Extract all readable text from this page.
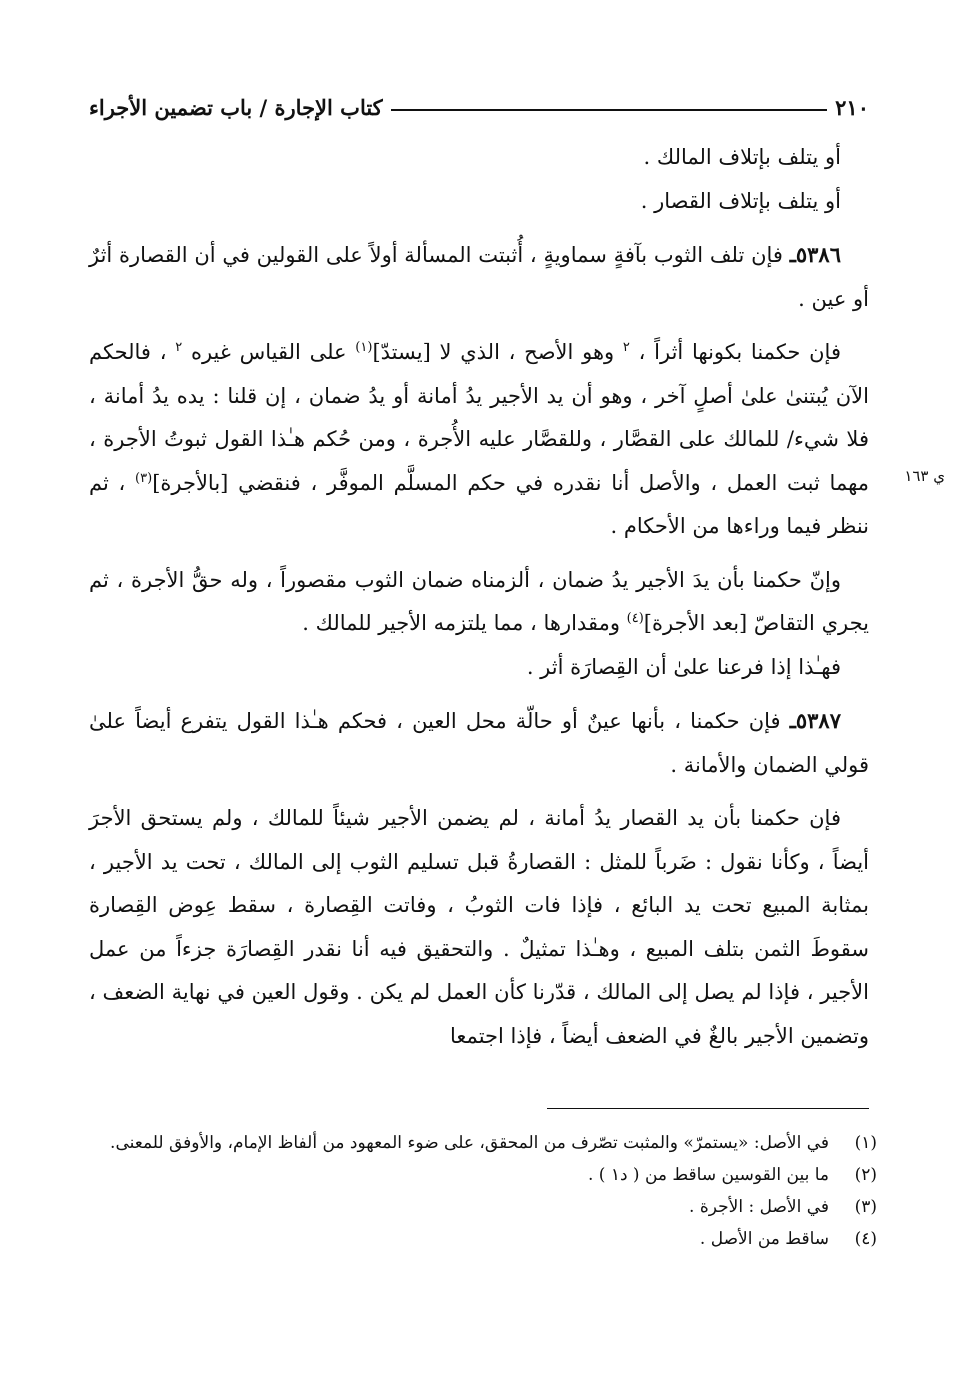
٢١٠
كتاب الإجارة / باب تضمين الأجراء
ي ١٦٣

أو يتلف بإتلاف المالك .

أو يتلف بإتلاف القصار .

٥٣٨٦ـ فإن تلف الثوب بآفةٍ سماويةٍ ، أُثبتت المسألة أولاً على القولين في أن القصارة أثرٌ أو عين .

فإن حكمنا بكونها أثراً ، $^٢$ وهو الأصح ، الذي لا [يستدّ]$^{(١)}$ على القياس غيره $^٢$ ، فالحكم الآن يُبتنىٰ علىٰ أصلٍ آخر ، وهو أن يد الأجير يدُ أمانة أو يدُ ضمان ، إن قلنا : يده يدُ أمانة ، فلا شيء/ للمالك على القصَّار ، وللقصَّار عليه الأُجرة ، ومن حُكم هـٰذا القول ثبوتُ الأجرة ، مهما ثبت العمل ، والأصل أنا نقدره في حكم المسلَّم الموفَّر ، فنقضي [بالأجرة]$^{(٣)}$ ، ثم ننظر فيما وراءها من الأحكام .

وإنّ حكمنا بأن يدَ الأجير يدُ ضمان ، ألزمناه ضمان الثوب مقصوراً ، وله حقُّ الأجرة ، ثم يجري التقاصّ [بعد الأجرة]$^{(٤)}$ ومقدارها ، مما يلتزمه الأجير للمالك .

فهـٰذا إذا فرعنا علىٰ أن القِصارَة أثر .

٥٣٨٧ـ فإن حكمنا ، بأنها عينٌ أو حالّة محل العين ، فحكم هـٰذا القول يتفرع أيضاً علىٰ قولي الضمان والأمانة .

فإن حكمنا بأن يد القصار يدُ أمانة ، لم يضمن الأجير شيئاً للمالك ، ولم يستحق الأجرَ أيضاً ، وكأنا نقول : ضَرباً للمثل : القصارةُ قبل تسليم الثوب إلى المالك ، تحت يد الأجير ، بمثابة المبيع تحت يد البائع ، فإذا فات الثوبُ ، وفاتت القِصارة ، سقط عِوض القِصارة سقوطَ الثمن بتلف المبيع ، وهـٰذا تمثيلٌ . والتحقيق فيه أنا نقدر القِصارَة جزءاً من عمل الأجير ، فإذا لم يصل إلى المالك ، قدّرنا كأن العمل لم يكن . وقول العين في نهاية الضعف ، وتضمين الأجير بالغٌ في الضعف أيضاً ، فإذا اجتمعا

(١)
في الأصل: «يستمرّ» والمثبت تصّرف من المحقق، على ضوء المعهود من ألفاظ الإمام، والأوفق للمعنى.
(٢)
ما بين القوسين ساقط من ( د١ ) .
(٣)
في الأصل : الأجرة .
(٤)
ساقط من الأصل .
